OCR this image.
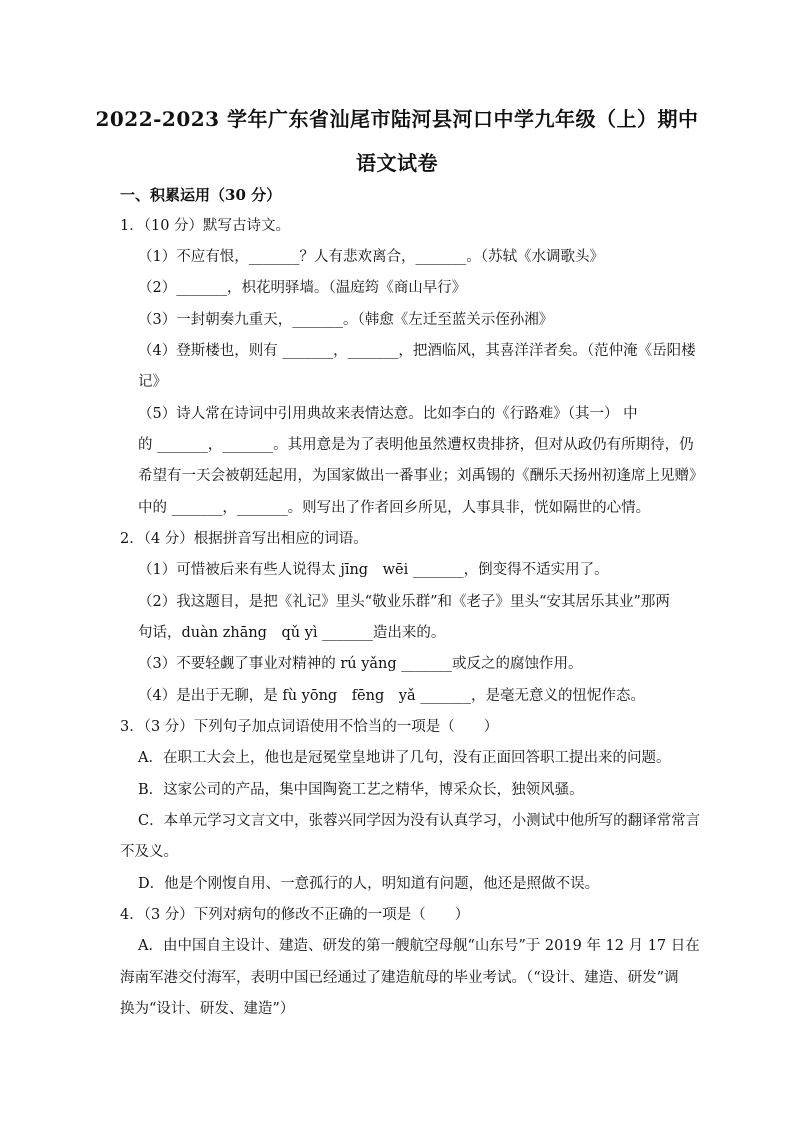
2022-2023 学年广东省汕尾市陆河县河口中学九年级（上）期中
语文试卷
一、积累运用（30 分）
1．（10 分）默写古诗文。
（1）不应有恨，_______？人有悲欢离合，_______。（苏轼《水调歌头》
（2）_______，枳花明驿墙。（温庭筠《商山早行》
（3）一封朝奏九重天，_______。（韩愈《左迁至蓝关示侄孙湘》
（4）登斯楼也，则有 _______，_______，把酒临风，其喜洋洋者矣。（范仲淹《岳阳楼
记》
（5）诗人常在诗词中引用典故来表情达意。比如李白的《行路难》（其一） 中
的 _______，_______。其用意是为了表明他虽然遭权贵排挤，但对从政仍有所期待，仍
希望有一天会被朝廷起用，为国家做出一番事业；刘禹锡的《酬乐天扬州初逢席上见赠》
中的 _______，_______。则写出了作者回乡所见，人事具非，恍如隔世的心情。
2．（4 分）根据拼音写出相应的词语。
（1）可惜被后来有些人说得太 jīng　wēi _______，倒变得不适实用了。
（2）我这题目，是把《礼记》里头“敬业乐群”和《老子》里头“安其居乐其业”那两
句话，duàn zhāng　qǔ yì _______造出来的。
（3）不要轻觑了事业对精神的 rú yǎng _______或反之的腐蚀作用。
（4）是出于无聊，是 fù yōng　fēng　yǎ _______，是毫无意义的忸怩作态。
3．（3 分）下列句子加点词语使用不恰当的一项是（　　）
A．在职工大会上，他也是冠冕堂皇地讲了几句，没有正面回答职工提出来的问题。
B．这家公司的产品，集中国陶瓷工艺之精华，博采众长，独领风骚。
C．本单元学习文言文中，张蓉兴同学因为没有认真学习，小测试中他所写的翻译常常言
不及义。
D．他是个刚愎自用、一意孤行的人，明知道有问题，他还是照做不误。
4．（3 分）下列对病句的修改不正确的一项是（　　）
A．由中国自主设计、建造、研发的第一艘航空母舰“山东号”于 2019 年 12 月 17 日在
海南军港交付海军，表明中国已经通过了建造航母的毕业考试。（“设计、建造、研发”调
换为“设计、研发、建造”）
